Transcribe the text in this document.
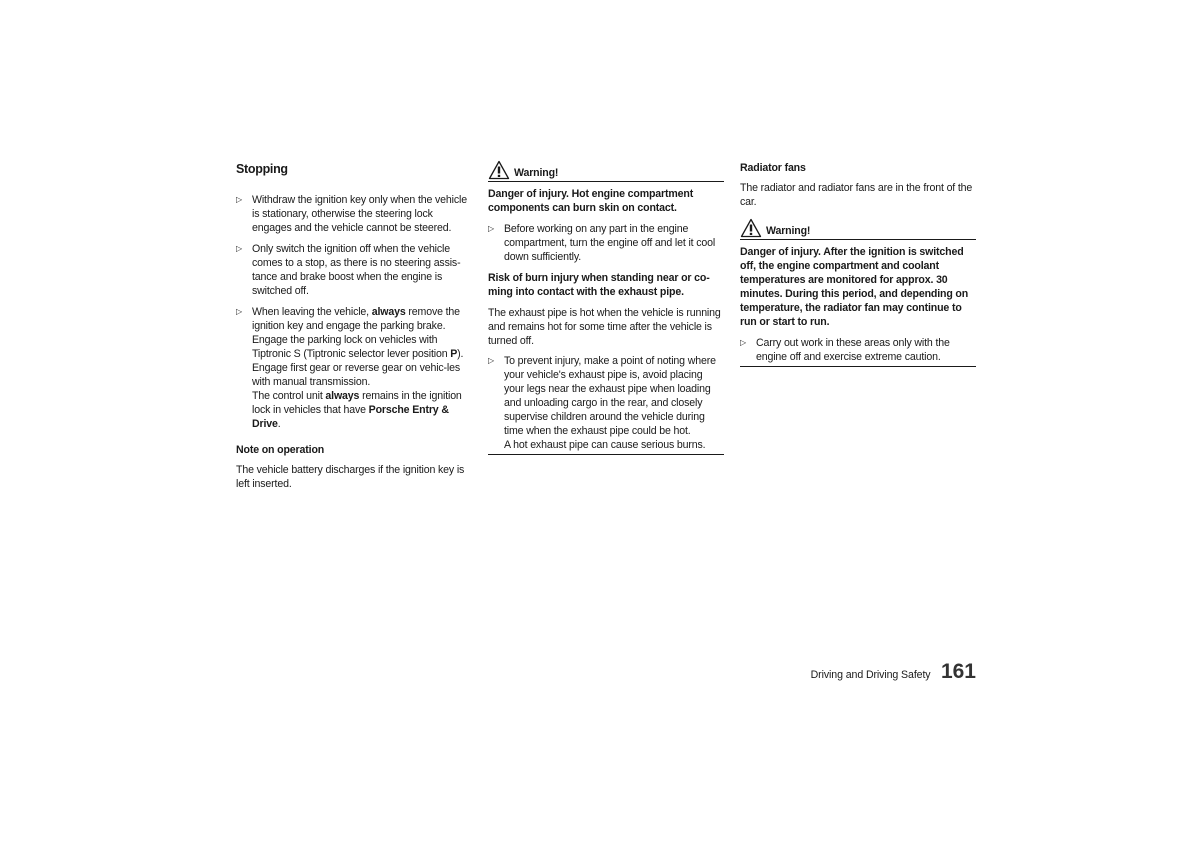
Stopping
▷ Withdraw the ignition key only when the vehicle is stationary, otherwise the steering lock engages and the vehicle cannot be steered.
▷ Only switch the ignition off when the vehicle comes to a stop, as there is no steering assis-tance and brake boost when the engine is switched off.
▷ When leaving the vehicle, always remove the ignition key and engage the parking brake. Engage the parking lock on vehicles with Tiptronic S (Tiptronic selector lever position P). Engage first gear or reverse gear on vehic-les with manual transmission.
The control unit always remains in the ignition lock in vehicles that have Porsche Entry & Drive.
Note on operation
The vehicle battery discharges if the ignition key is left inserted.
Warning!
Danger of injury. Hot engine compartment components can burn skin on contact.
▷ Before working on any part in the engine compartment, turn the engine off and let it cool down sufficiently.
Risk of burn injury when standing near or co-ming into contact with the exhaust pipe.
The exhaust pipe is hot when the vehicle is running and remains hot for some time after the vehicle is turned off.
▷ To prevent injury, make a point of noting where your vehicle's exhaust pipe is, avoid placing your legs near the exhaust pipe when loading and unloading cargo in the rear, and closely supervise children around the vehicle during time when the exhaust pipe could be hot.
A hot exhaust pipe can cause serious burns.
Radiator fans
The radiator and radiator fans are in the front of the car.
Warning!
Danger of injury. After the ignition is switched off, the engine compartment and coolant temperatures are monitored for approx. 30 minutes. During this period, and depending on temperature, the radiator fan may continue to run or start to run.
▷ Carry out work in these areas only with the engine off and exercise extreme caution.
Driving and Driving Safety 161
